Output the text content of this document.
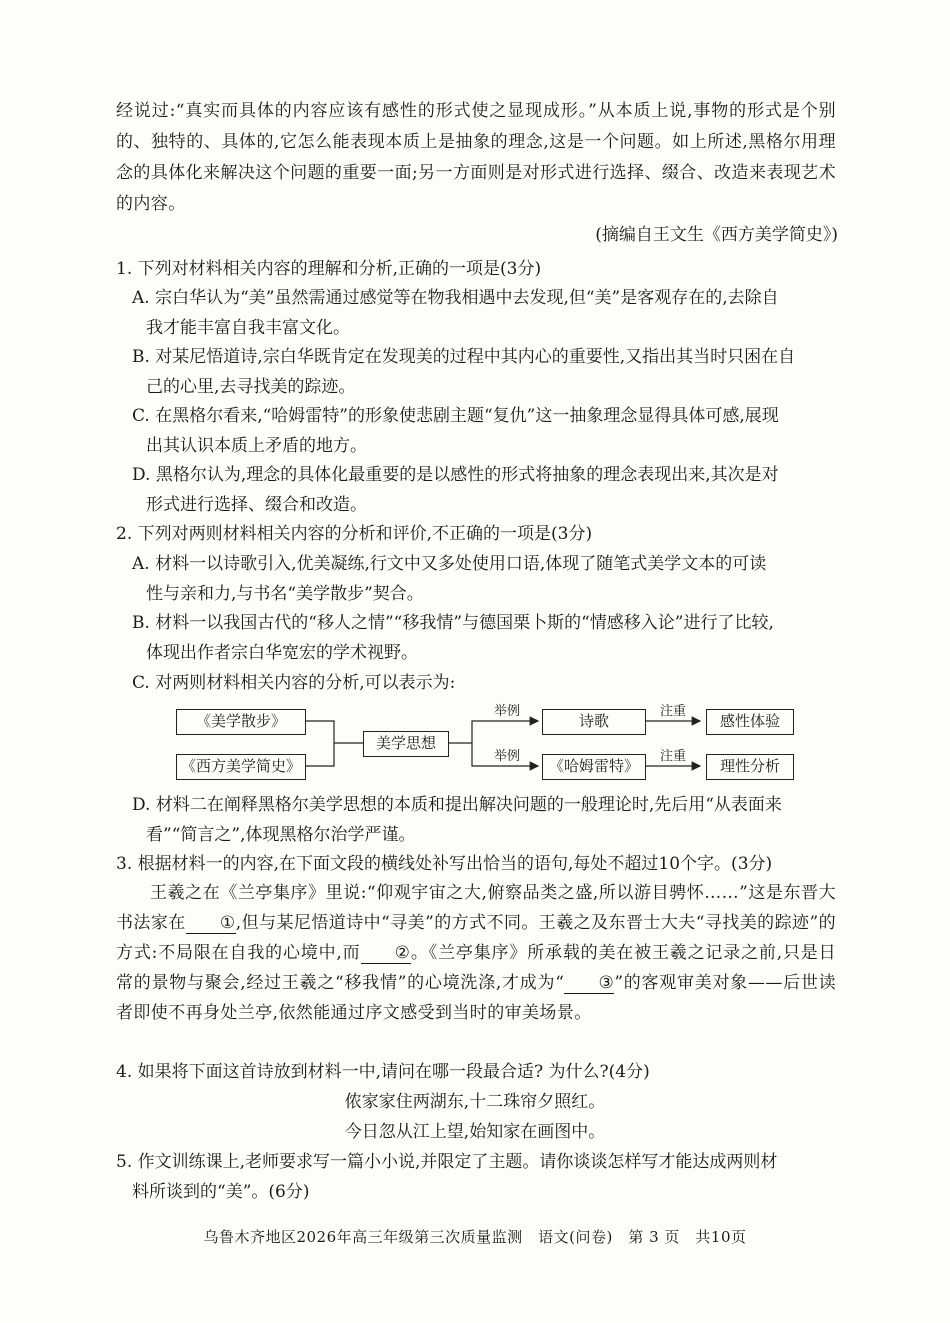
经说过:“真实而具体的内容应该有感性的形式使之显现成形。”从本质上说,事物的形式是个别的、独特的、具体的,它怎么能表现本质上是抽象的理念,这是一个问题。如上所述,黑格尔用理念的具体化来解决这个问题的重要一面;另一方面则是对形式进行选择、缀合、改造来表现艺术的内容。
(摘编自王文生《西方美学简史》)
1. 下列对材料相关内容的理解和分析,正确的一项是(3分)
A. 宗白华认为“美”虽然需通过感觉等在物我相遇中去发现,但“美”是客观存在的,去除自
我才能丰富自我丰富文化。
B. 对某尼悟道诗,宗白华既肯定在发现美的过程中其内心的重要性,又指出其当时只困在自
己的心里,去寻找美的踪迹。
C. 在黑格尔看来,“哈姆雷特”的形象使悲剧主题“复仇”这一抽象理念显得具体可感,展现
出其认识本质上矛盾的地方。
D. 黑格尔认为,理念的具体化最重要的是以感性的形式将抽象的理念表现出来,其次是对
形式进行选择、缀合和改造。
2. 下列对两则材料相关内容的分析和评价,不正确的一项是(3分)
A. 材料一以诗歌引入,优美凝练,行文中又多处使用口语,体现了随笔式美学文本的可读
性与亲和力,与书名“美学散步”契合。
B. 材料一以我国古代的“移人之情”“移我情”与德国栗卜斯的“情感移入论”进行了比较,
体现出作者宗白华宽宏的学术视野。
C. 对两则材料相关内容的分析,可以表示为:
《美学散步》
《西方美学简史》
美学思想
举例
举例
诗歌
《哈姆雷特》
注重
注重
感性体验
理性分析
D. 材料二在阐释黑格尔美学思想的本质和提出解决问题的一般理论时,先后用“从表面来
看”“简言之”,体现黑格尔治学严谨。
3. 根据材料一的内容,在下面文段的横线处补写出恰当的语句,每处不超过10个字。(3分)
王羲之在《兰亭集序》里说:“仰观宇宙之大,俯察品类之盛,所以游目骋怀……”这是东晋大书法家在 ①,但与某尼悟道诗中“寻美”的方式不同。王羲之及东晋士大夫“寻找美的踪迹”的方式:不局限在自我的心境中,而 ②。《兰亭集序》所承载的美在被王羲之记录之前,只是日常的景物与聚会,经过王羲之“移我情”的心境洗涤,才成为“ ③”的客观审美对象——后世读者即使不再身处兰亭,依然能通过序文感受到当时的审美场景。
4. 如果将下面这首诗放到材料一中,请问在哪一段最合适? 为什么?(4分)
侬家家住两湖东,十二珠帘夕照红。
今日忽从江上望,始知家在画图中。
5. 作文训练课上,老师要求写一篇小小说,并限定了主题。请你谈谈怎样写才能达成两则材
料所谈到的“美”。(6分)
乌鲁木齐地区2026年高三年级第三次质量监测　语文(问卷)　第 3 页　共10页
